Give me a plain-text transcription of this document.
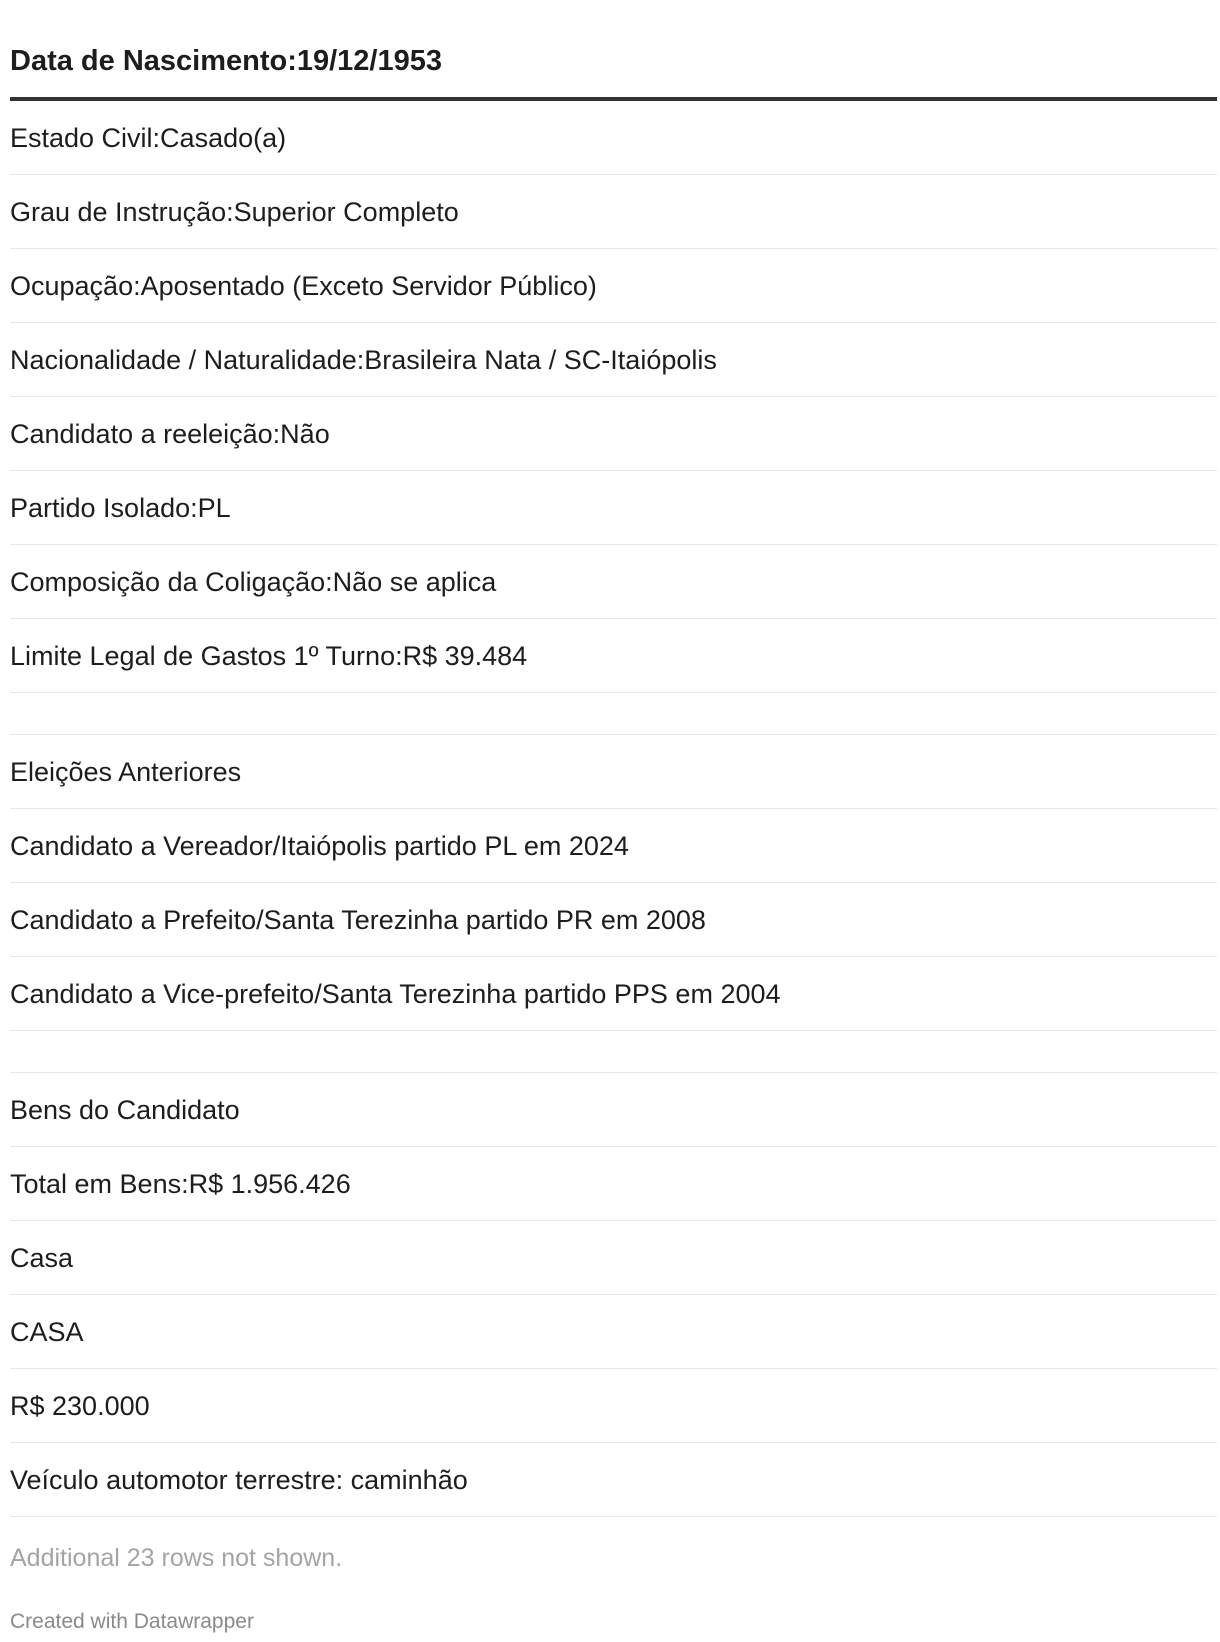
Data de Nascimento:19/12/1953
Estado Civil:Casado(a)
Grau de Instrução:Superior Completo
Ocupação:Aposentado (Exceto Servidor Público)
Nacionalidade / Naturalidade:Brasileira Nata / SC-Itaiópolis
Candidato a reeleição:Não
Partido Isolado:PL
Composição da Coligação:Não se aplica
Limite Legal de Gastos 1º Turno:R$ 39.484
Eleições Anteriores
Candidato a Vereador/Itaiópolis partido PL em 2024
Candidato a Prefeito/Santa Terezinha partido PR em 2008
Candidato a Vice-prefeito/Santa Terezinha partido PPS em 2004
Bens do Candidato
Total em Bens:R$ 1.956.426
Casa
CASA
R$ 230.000
Veículo automotor terrestre: caminhão
Additional 23 rows not shown.
Created with Datawrapper
